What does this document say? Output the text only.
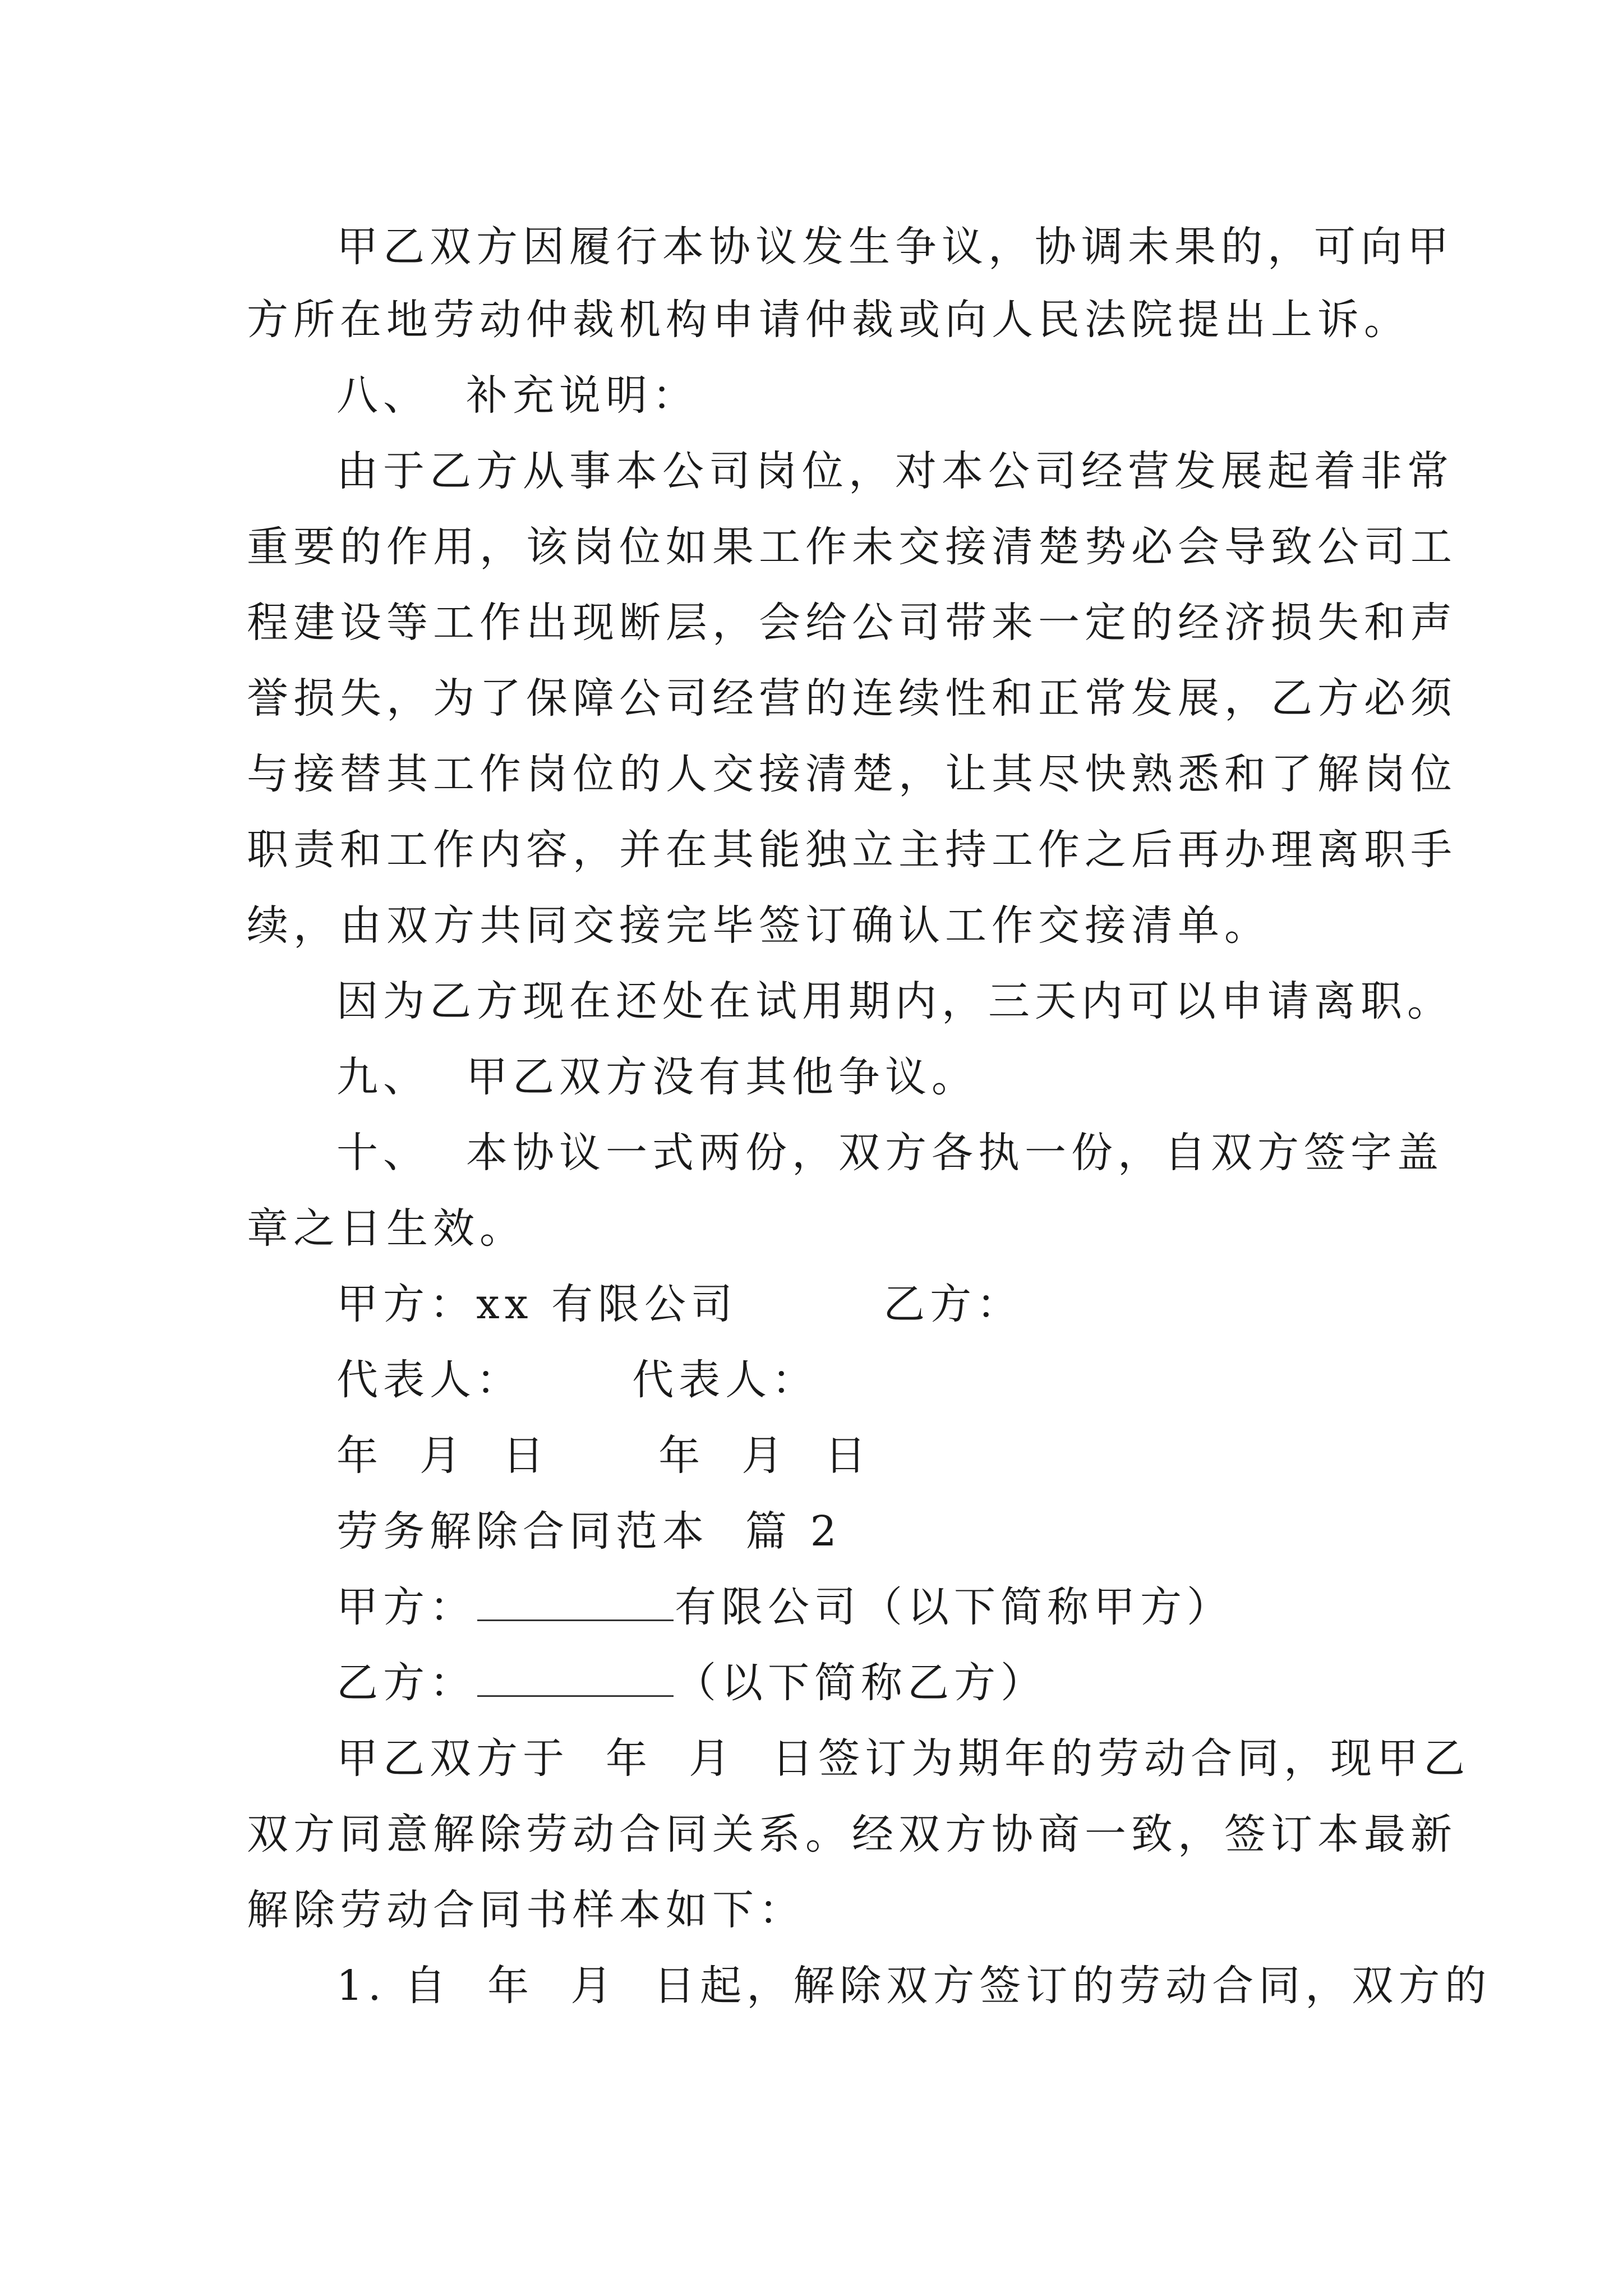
甲乙双方因履行本协议发生争议，协调未果的，可向甲
方所在地劳动仲裁机构申请仲裁或向人民法院提出上诉。
八、  补充说明：
由于乙方从事本公司岗位，对本公司经营发展起着非常
重要的作用，该岗位如果工作未交接清楚势必会导致公司工
程建设等工作出现断层，会给公司带来一定的经济损失和声
誉损失，为了保障公司经营的连续性和正常发展，乙方必须
与接替其工作岗位的人交接清楚，让其尽快熟悉和了解岗位
职责和工作内容，并在其能独立主持工作之后再办理离职手
续，由双方共同交接完毕签订确认工作交接清单。
因为乙方现在还处在试用期内，三天内可以申请离职。
九、  甲乙双方没有其他争议。
十、  本协议一式两份，双方各执一份，自双方签字盖
章之日生效。
甲方：xx 有限公司        乙方：
代表人：      代表人：
年  月  日      年  月  日
劳务解除合同范本  篇 2
甲方：	有限公司（以下简称甲方）
乙方：	（以下简称乙方）
甲乙双方于  年  月  日签订为期年的劳动合同，现甲乙
双方同意解除劳动合同关系。经双方协商一致，签订本最新
解除劳动合同书样本如下：
1. 自  年  月  日起，解除双方签订的劳动合同，双方的
